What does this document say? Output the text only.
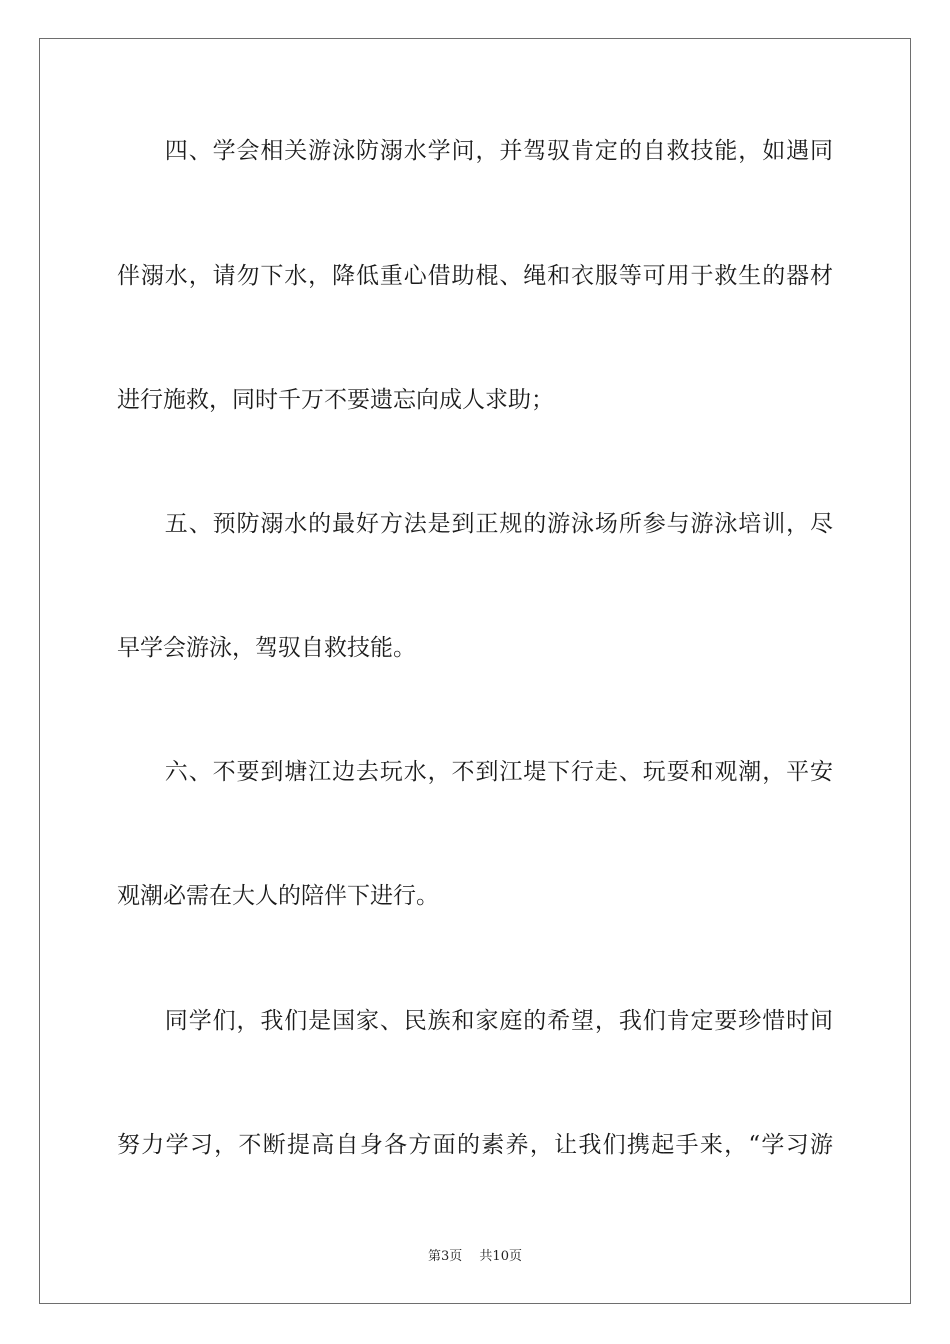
　　四、学会相关游泳防溺水学问，并驾驭肯定的自救技能，如遇同
伴溺水，请勿下水，降低重心借助棍、绳和衣服等可用于救生的器材
进行施救，同时千万不要遗忘向成人求助；
　　五、预防溺水的最好方法是到正规的游泳场所参与游泳培训，尽
早学会游泳，驾驭自救技能。
　　六、不要到塘江边去玩水，不到江堤下行走、玩耍和观潮，平安
观潮必需在大人的陪伴下进行。
　　同学们，我们是国家、民族和家庭的希望，我们肯定要珍惜时间
努力学习，不断提高自身各方面的素养，让我们携起手来，“学习游
第3页　 共10页
